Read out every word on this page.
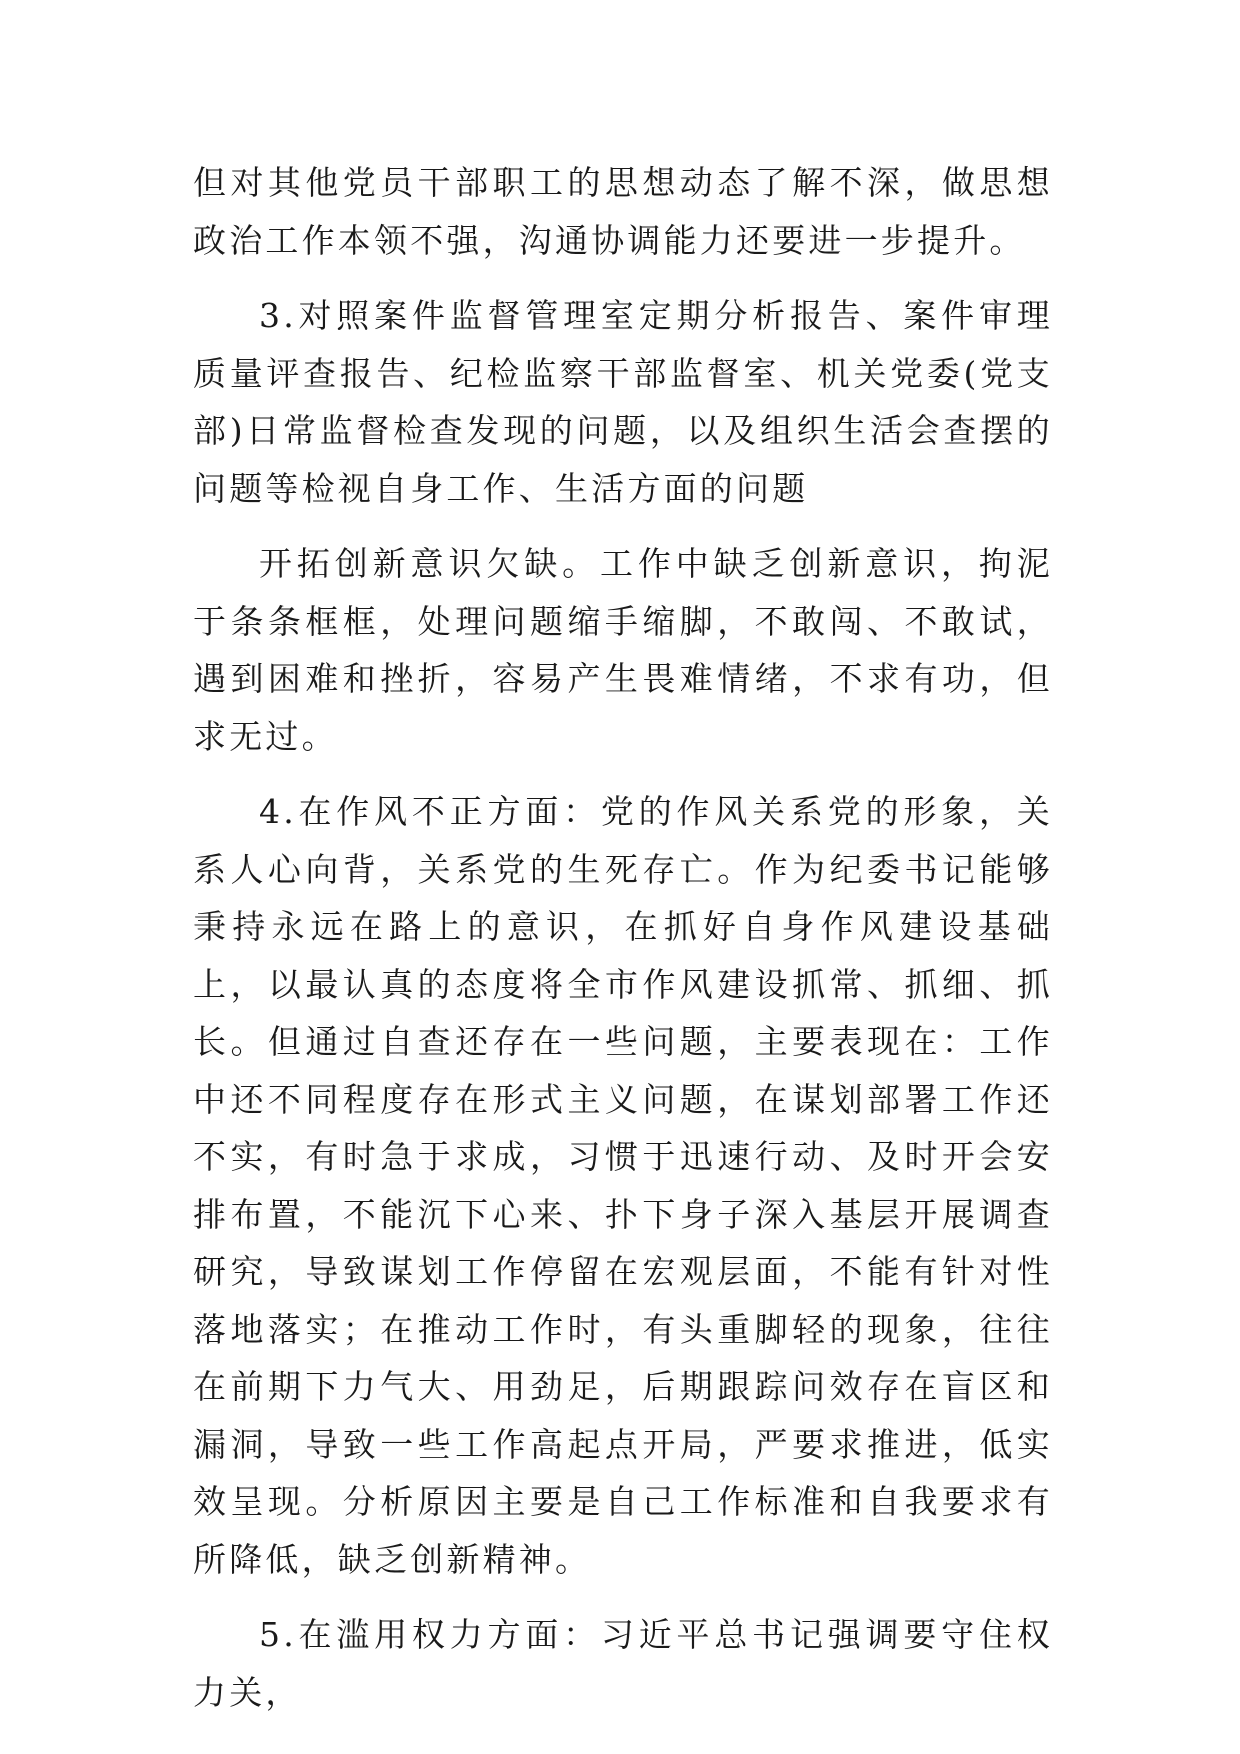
但对其他党员干部职工的思想动态了解不深，做思想政治工作本领不强，沟通协调能力还要进一步提升。

3.对照案件监督管理室定期分析报告、案件审理质量评查报告、纪检监察干部监督室、机关党委(党支部)日常监督检查发现的问题，以及组织生活会查摆的问题等检视自身工作、生活方面的问题

开拓创新意识欠缺。工作中缺乏创新意识，拘泥于条条框框，处理问题缩手缩脚，不敢闯、不敢试，遇到困难和挫折，容易产生畏难情绪，不求有功，但求无过。

4.在作风不正方面：党的作风关系党的形象，关系人心向背，关系党的生死存亡。作为纪委书记能够秉持永远在路上的意识，在抓好自身作风建设基础上，以最认真的态度将全市作风建设抓常、抓细、抓长。但通过自查还存在一些问题，主要表现在：工作中还不同程度存在形式主义问题，在谋划部署工作还不实，有时急于求成，习惯于迅速行动、及时开会安排布置，不能沉下心来、扑下身子深入基层开展调查研究，导致谋划工作停留在宏观层面，不能有针对性落地落实；在推动工作时，有头重脚轻的现象，往往在前期下力气大、用劲足，后期跟踪问效存在盲区和漏洞，导致一些工作高起点开局，严要求推进，低实效呈现。分析原因主要是自己工作标准和自我要求有所降低，缺乏创新精神。

5.在滥用权力方面：习近平总书记强调要守住权力关，
